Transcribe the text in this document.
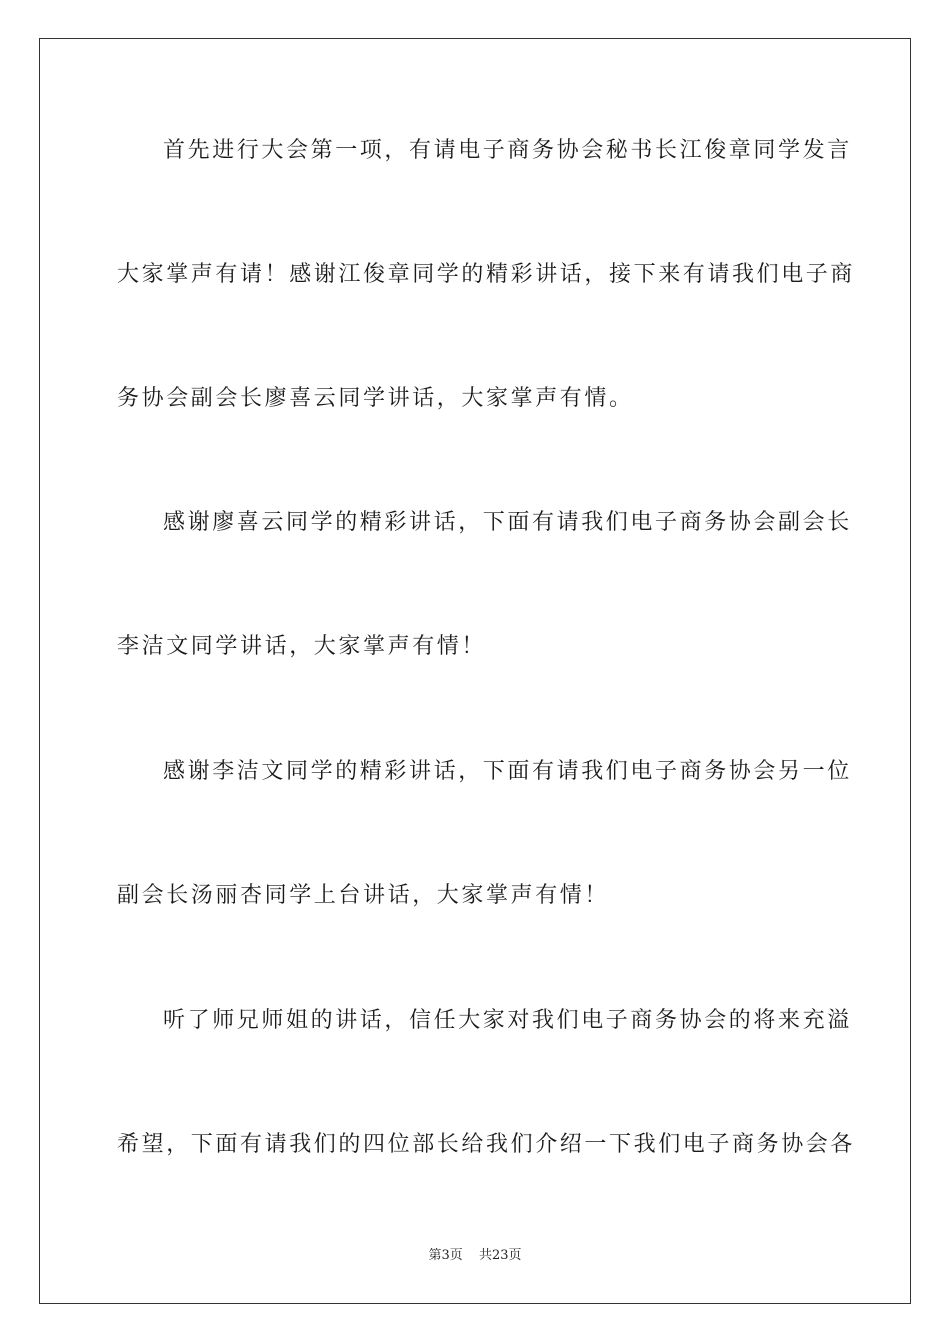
首先进行大会第一项，有请电子商务协会秘书长江俊章同学发言
大家掌声有请！感谢江俊章同学的精彩讲话，接下来有请我们电子商
务协会副会长廖喜云同学讲话，大家掌声有情。
感谢廖喜云同学的精彩讲话，下面有请我们电子商务协会副会长
李洁文同学讲话，大家掌声有情！
感谢李洁文同学的精彩讲话，下面有请我们电子商务协会另一位
副会长汤丽杏同学上台讲话，大家掌声有情！
听了师兄师姐的讲话，信任大家对我们电子商务协会的将来充溢
希望，下面有请我们的四位部长给我们介绍一下我们电子商务协会各
第3页 共23页
